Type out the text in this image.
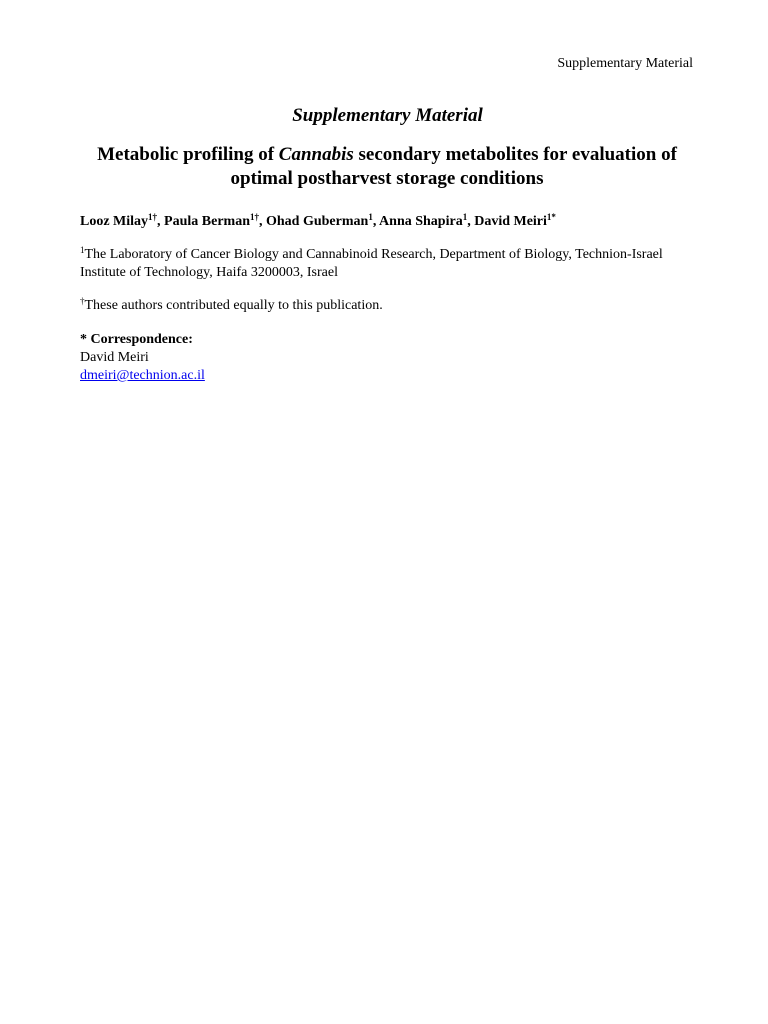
Supplementary Material
Supplementary Material
Metabolic profiling of Cannabis secondary metabolites for evaluation of optimal postharvest storage conditions
Looz Milay$^{1\dagger}$, Paula Berman$^{1\dagger}$, Ohad Guberman$^1$, Anna Shapira$^1$, David Meiri$^{1*}$
$^1$The Laboratory of Cancer Biology and Cannabinoid Research, Department of Biology, Technion-Israel Institute of Technology, Haifa 3200003, Israel
†These authors contributed equally to this publication.
* Correspondence:
David Meiri
dmeiri@technion.ac.il
